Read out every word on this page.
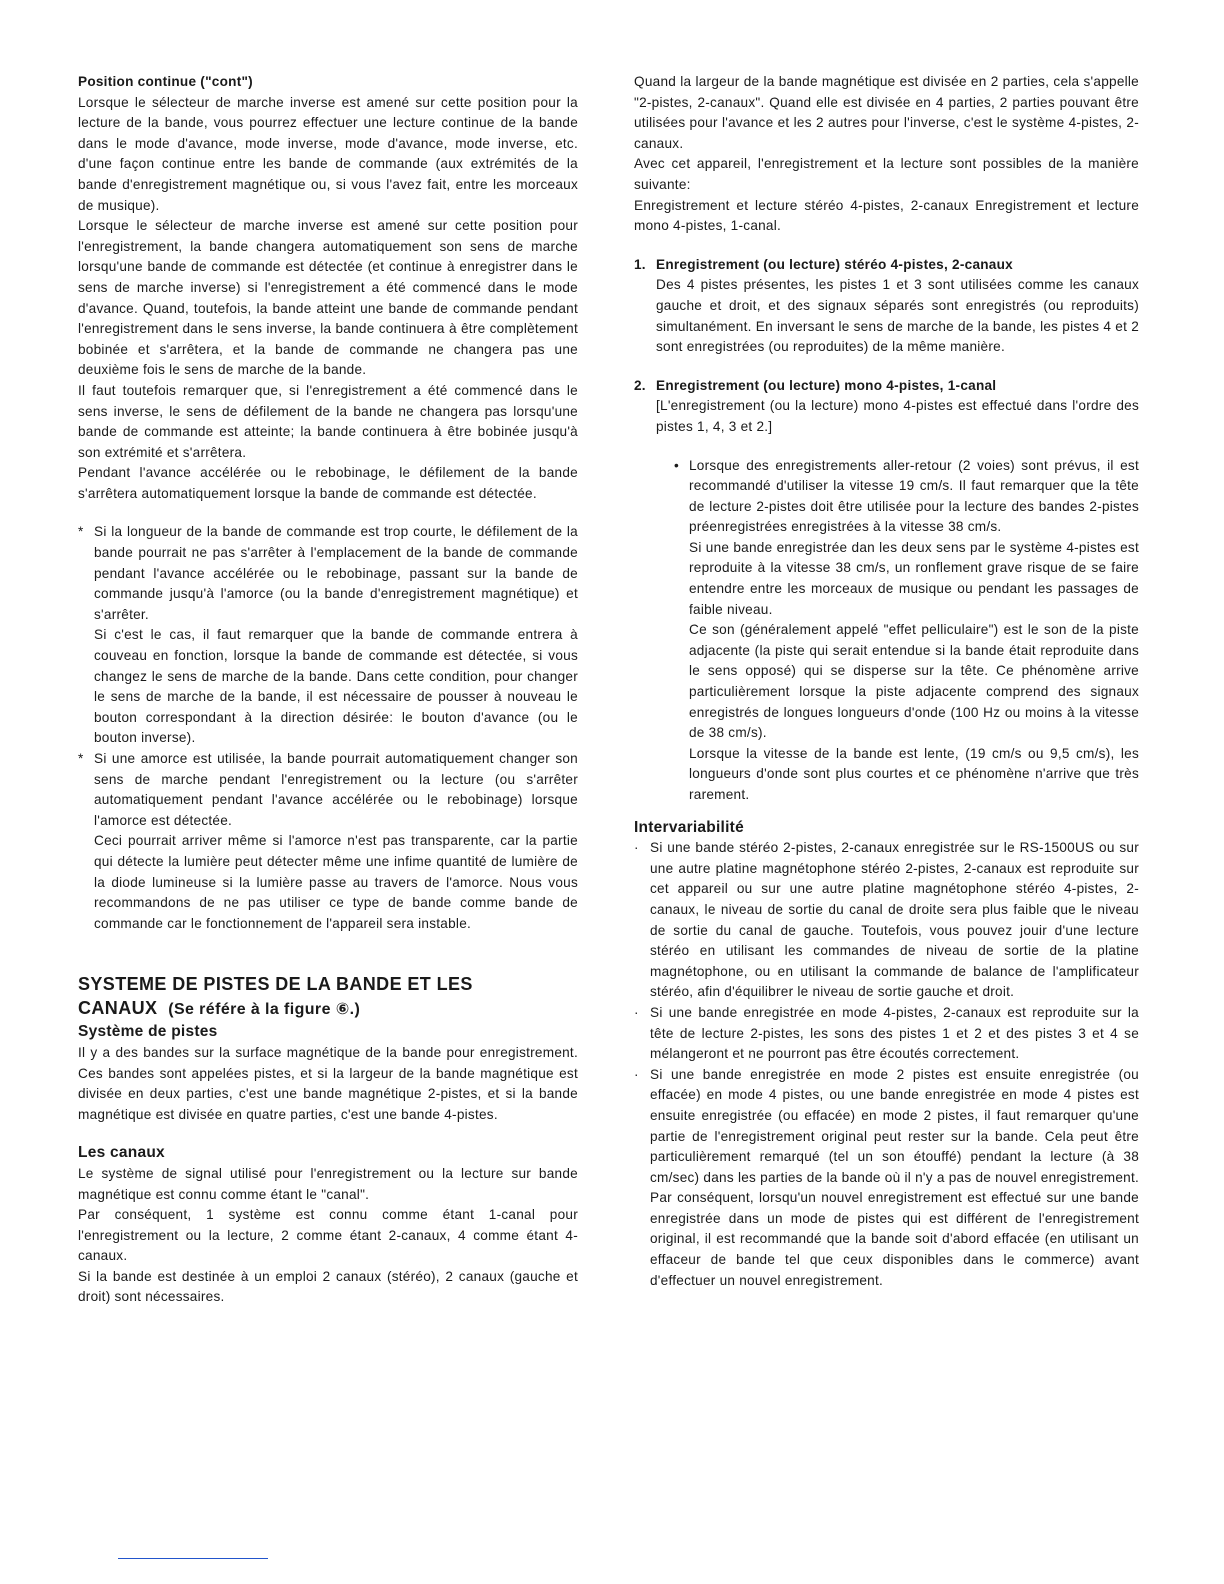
Position continue ("cont")

Lorsque le sélecteur de marche inverse est amené sur cette position pour la lecture de la bande, vous pourrez effectuer une lecture continue de la bande dans le mode d'avance, mode inverse, mode d'avance, mode inverse, etc. d'une façon continue entre les bande de commande (aux extrémités de la bande d'enregistrement magnétique ou, si vous l'avez fait, entre les morceaux de musique).

Lorsque le sélecteur de marche inverse est amené sur cette position pour l'enregistrement, la bande changera automatiquement son sens de marche lorsqu'une bande de commande est détectée (et continue à enregistrer dans le sens de marche inverse) si l'enregistrement a été commencé dans le mode d'avance. Quand, toutefois, la bande atteint une bande de commande pendant l'enregistrement dans le sens inverse, la bande continuera à être complètement bobinée et s'arrêtera, et la bande de commande ne changera pas une deuxième fois le sens de marche de la bande.

Il faut toutefois remarquer que, si l'enregistrement a été commencé dans le sens inverse, le sens de défilement de la bande ne changera pas lorsqu'une bande de commande est atteinte; la bande continuera à être bobinée jusqu'à son extrémité et s'arrêtera.

Pendant l'avance accélérée ou le rebobinage, le défilement de la bande s'arrêtera automatiquement lorsque la bande de commande est détectée.

* Si la longueur de la bande de commande est trop courte, le défilement de la bande pourrait ne pas s'arrêter à l'emplacement de la bande de commande pendant l'avance accélérée ou le rebobinage, passant sur la bande de commande jusqu'à l'amorce (ou la bande d'enregistrement magnétique) et s'arrêter.

Si c'est le cas, il faut remarquer que la bande de commande entrera à couveau en fonction, lorsque la bande de commande est détectée, si vous changez le sens de marche de la bande. Dans cette condition, pour changer le sens de marche de la bande, il est nécessaire de pousser à nouveau le bouton correspondant à la direction désirée: le bouton d'avance (ou le bouton inverse).

* Si une amorce est utilisée, la bande pourrait automatiquement changer son sens de marche pendant l'enregistrement ou la lecture (ou s'arrêter automatiquement pendant l'avance accélérée ou le rebobinage) lorsque l'amorce est détectée.

Ceci pourrait arriver même si l'amorce n'est pas transparente, car la partie qui détecte la lumière peut détecter même une infime quantité de lumière de la diode lumineuse si la lumière passe au travers de l'amorce. Nous vous recommandons de ne pas utiliser ce type de bande comme bande de commande car le fonctionnement de l'appareil sera instable.

SYSTEME DE PISTES DE LA BANDE ET LES

CANAUX (Se référe à la figure ⑥.)

Système de pistes

Il y a des bandes sur la surface magnétique de la bande pour enregistrement. Ces bandes sont appelées pistes, et si la largeur de la bande magnétique est divisée en deux parties, c'est une bande magnétique 2-pistes, et si la bande magnétique est divisée en quatre parties, c'est une bande 4-pistes.

Les canaux

Le système de signal utilisé pour l'enregistrement ou la lecture sur bande magnétique est connu comme étant le "canal".

Par conséquent, 1 système est connu comme étant 1-canal pour l'enregistrement ou la lecture, 2 comme étant 2-canaux, 4 comme étant 4-canaux.

Si la bande est destinée à un emploi 2 canaux (stéréo), 2 canaux (gauche et droit) sont nécessaires.

Quand la largeur de la bande magnétique est divisée en 2 parties, cela s'appelle "2-pistes, 2-canaux". Quand elle est divisée en 4 parties, 2 parties pouvant être utilisées pour l'avance et les 2 autres pour l'inverse, c'est le système 4-pistes, 2-canaux.

Avec cet appareil, l'enregistrement et la lecture sont possibles de la manière suivante:

Enregistrement et lecture stéréo 4-pistes, 2-canaux Enregistrement et lecture mono 4-pistes, 1-canal.

1. Enregistrement (ou lecture) stéréo 4-pistes, 2-canaux

Des 4 pistes présentes, les pistes 1 et 3 sont utilisées comme les canaux gauche et droit, et des signaux séparés sont enregistrés (ou reproduits) simultanément. En inversant le sens de marche de la bande, les pistes 4 et 2 sont enregistrées (ou reproduites) de la même manière.

2. Enregistrement (ou lecture) mono 4-pistes, 1-canal

[L'enregistrement (ou la lecture) mono 4-pistes est effectué dans l'ordre des pistes 1, 4, 3 et 2.]

• Lorsque des enregistrements aller-retour (2 voies) sont prévus, il est recommandé d'utiliser la vitesse 19 cm/s. Il faut remarquer que la tête de lecture 2-pistes doit être utilisée pour la lecture des bandes 2-pistes préenregistrées enregistrées à la vitesse 38 cm/s.

Si une bande enregistrée dan les deux sens par le système 4-pistes est reproduite à la vitesse 38 cm/s, un ronflement grave risque de se faire entendre entre les morceaux de musique ou pendant les passages de faible niveau.

Ce son (généralement appelé "effet pelliculaire") est le son de la piste adjacente (la piste qui serait entendue si la bande était reproduite dans le sens opposé) qui se disperse sur la tête. Ce phénomène arrive particulièrement lorsque la piste adjacente comprend des signaux enregistrés de longues longueurs d'onde (100 Hz ou moins à la vitesse de 38 cm/s).

Lorsque la vitesse de la bande est lente, (19 cm/s ou 9,5 cm/s), les longueurs d'onde sont plus courtes et ce phénomène n'arrive que très rarement.

Intervariabilité

· Si une bande stéréo 2-pistes, 2-canaux enregistrée sur le RS-1500US ou sur une autre platine magnétophone stéréo 2-pistes, 2-canaux est reproduite sur cet appareil ou sur une autre platine magnétophone stéréo 4-pistes, 2-canaux, le niveau de sortie du canal de droite sera plus faible que le niveau de sortie du canal de gauche. Toutefois, vous pouvez jouir d'une lecture stéréo en utilisant les commandes de niveau de sortie de la platine magnétophone, ou en utilisant la commande de balance de l'amplificateur stéréo, afin d'équilibrer le niveau de sortie gauche et droit.

· Si une bande enregistrée en mode 4-pistes, 2-canaux est reproduite sur la tête de lecture 2-pistes, les sons des pistes 1 et 2 et des pistes 3 et 4 se mélangeront et ne pourront pas être écoutés correctement.

· Si une bande enregistrée en mode 2 pistes est ensuite enregistrée (ou effacée) en mode 4 pistes, ou une bande enregistrée en mode 4 pistes est ensuite enregistrée (ou effacée) en mode 2 pistes, il faut remarquer qu'une partie de l'enregistrement original peut rester sur la bande. Cela peut être particulièrement remarqué (tel un son étouffé) pendant la lecture (à 38 cm/sec) dans les parties de la bande où il n'y a pas de nouvel enregistrement. Par conséquent, lorsqu'un nouvel enregistrement est effectué sur une bande enregistrée dans un mode de pistes qui est différent de l'enregistrement original, il est recommandé que la bande soit d'abord effacée (en utilisant un effaceur de bande tel que ceux disponibles dans le commerce) avant d'effectuer un nouvel enregistrement.
